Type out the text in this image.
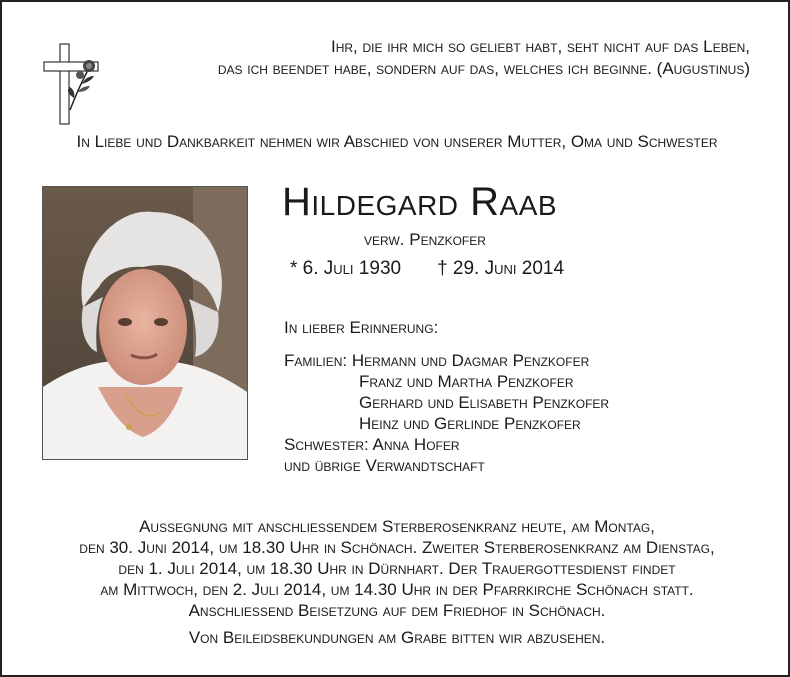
Ihr, die ihr mich so geliebt habt, seht nicht auf das Leben,
das ich beendet habe, sondern auf das, welches ich beginne. (Augustinus)
In Liebe und Dankbarkeit nehmen wir Abschied von unserer Mutter, Oma und Schwester
Hildegard Raab
verw. Penzkofer
* 6. Juli 1930 † 29. Juni 2014
In lieber Erinnerung:
Familien: Hermann und Dagmar Penzkofer
Franz und Martha Penzkofer
Gerhard und Elisabeth Penzkofer
Heinz und Gerlinde Penzkofer
Schwester: Anna Hofer
und übrige Verwandtschaft
Aussegnung mit anschliessendem Sterberosenkranz heute, am Montag,
den 30. Juni 2014, um 18.30 Uhr in Schönach. Zweiter Sterberosenkranz am Dienstag,
den 1. Juli 2014, um 18.30 Uhr in Dürnhart. Der Trauergottesdienst findet
am Mittwoch, den 2. Juli 2014, um 14.30 Uhr in der Pfarrkirche Schönach statt.
Anschliessend Beisetzung auf dem Friedhof in Schönach.
Von Beileidsbekundungen am Grabe bitten wir abzusehen.
